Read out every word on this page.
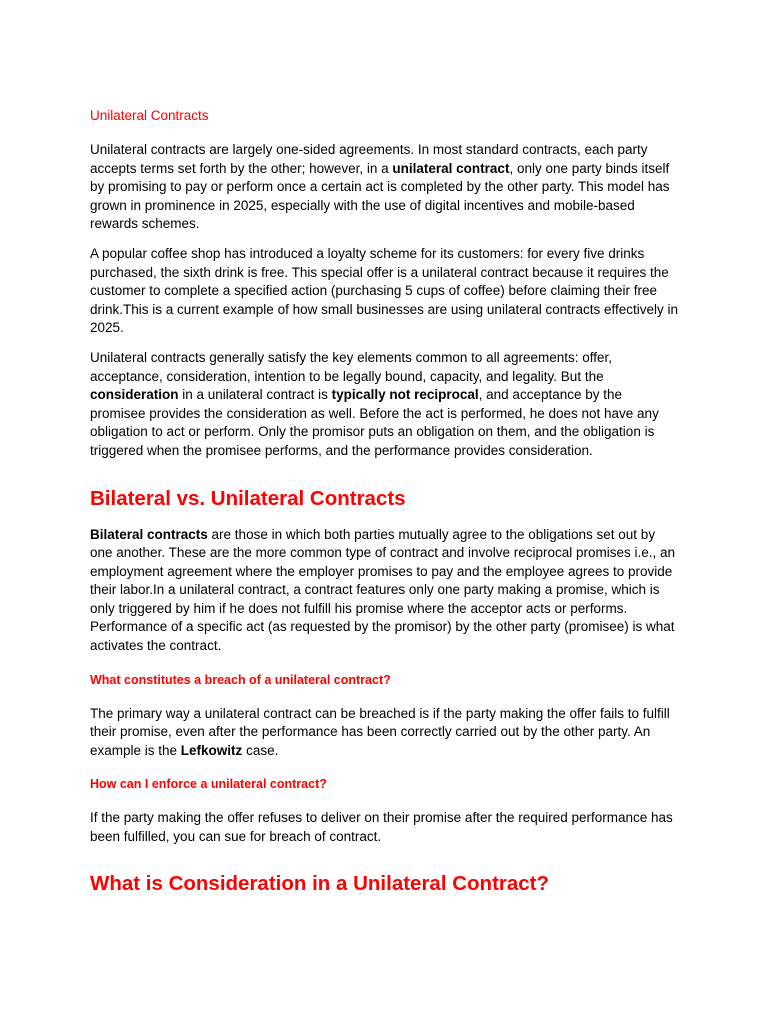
Unilateral Contracts

Unilateral contracts are largely one-sided agreements. In most standard contracts, each party accepts terms set forth by the other; however, in a unilateral contract, only one party binds itself by promising to pay or perform once a certain act is completed by the other party. This model has grown in prominence in 2025, especially with the use of digital incentives and mobile-based rewards schemes.

A popular coffee shop has introduced a loyalty scheme for its customers: for every five drinks purchased, the sixth drink is free. This special offer is a unilateral contract because it requires the customer to complete a specified action (purchasing 5 cups of coffee) before claiming their free drink.This is a current example of how small businesses are using unilateral contracts effectively in 2025.

Unilateral contracts generally satisfy the key elements common to all agreements: offer, acceptance, consideration, intention to be legally bound, capacity, and legality. But the consideration in a unilateral contract is typically not reciprocal, and acceptance by the promisee provides the consideration as well. Before the act is performed, he does not have any obligation to act or perform. Only the promisor puts an obligation on them, and the obligation is triggered when the promisee performs, and the performance provides consideration.

Bilateral vs. Unilateral Contracts

Bilateral contracts are those in which both parties mutually agree to the obligations set out by one another. These are the more common type of contract and involve reciprocal promises i.e., an employment agreement where the employer promises to pay and the employee agrees to provide their labor.In a unilateral contract, a contract features only one party making a promise, which is only triggered by him if he does not fulfill his promise where the acceptor acts or performs. Performance of a specific act (as requested by the promisor) by the other party (promisee) is what activates the contract.

What constitutes a breach of a unilateral contract?

The primary way a unilateral contract can be breached is if the party making the offer fails to fulfill their promise, even after the performance has been correctly carried out by the other party. An example is the Lefkowitz case.

How can I enforce a unilateral contract?

If the party making the offer refuses to deliver on their promise after the required performance has been fulfilled, you can sue for breach of contract.

What is Consideration in a Unilateral Contract?
